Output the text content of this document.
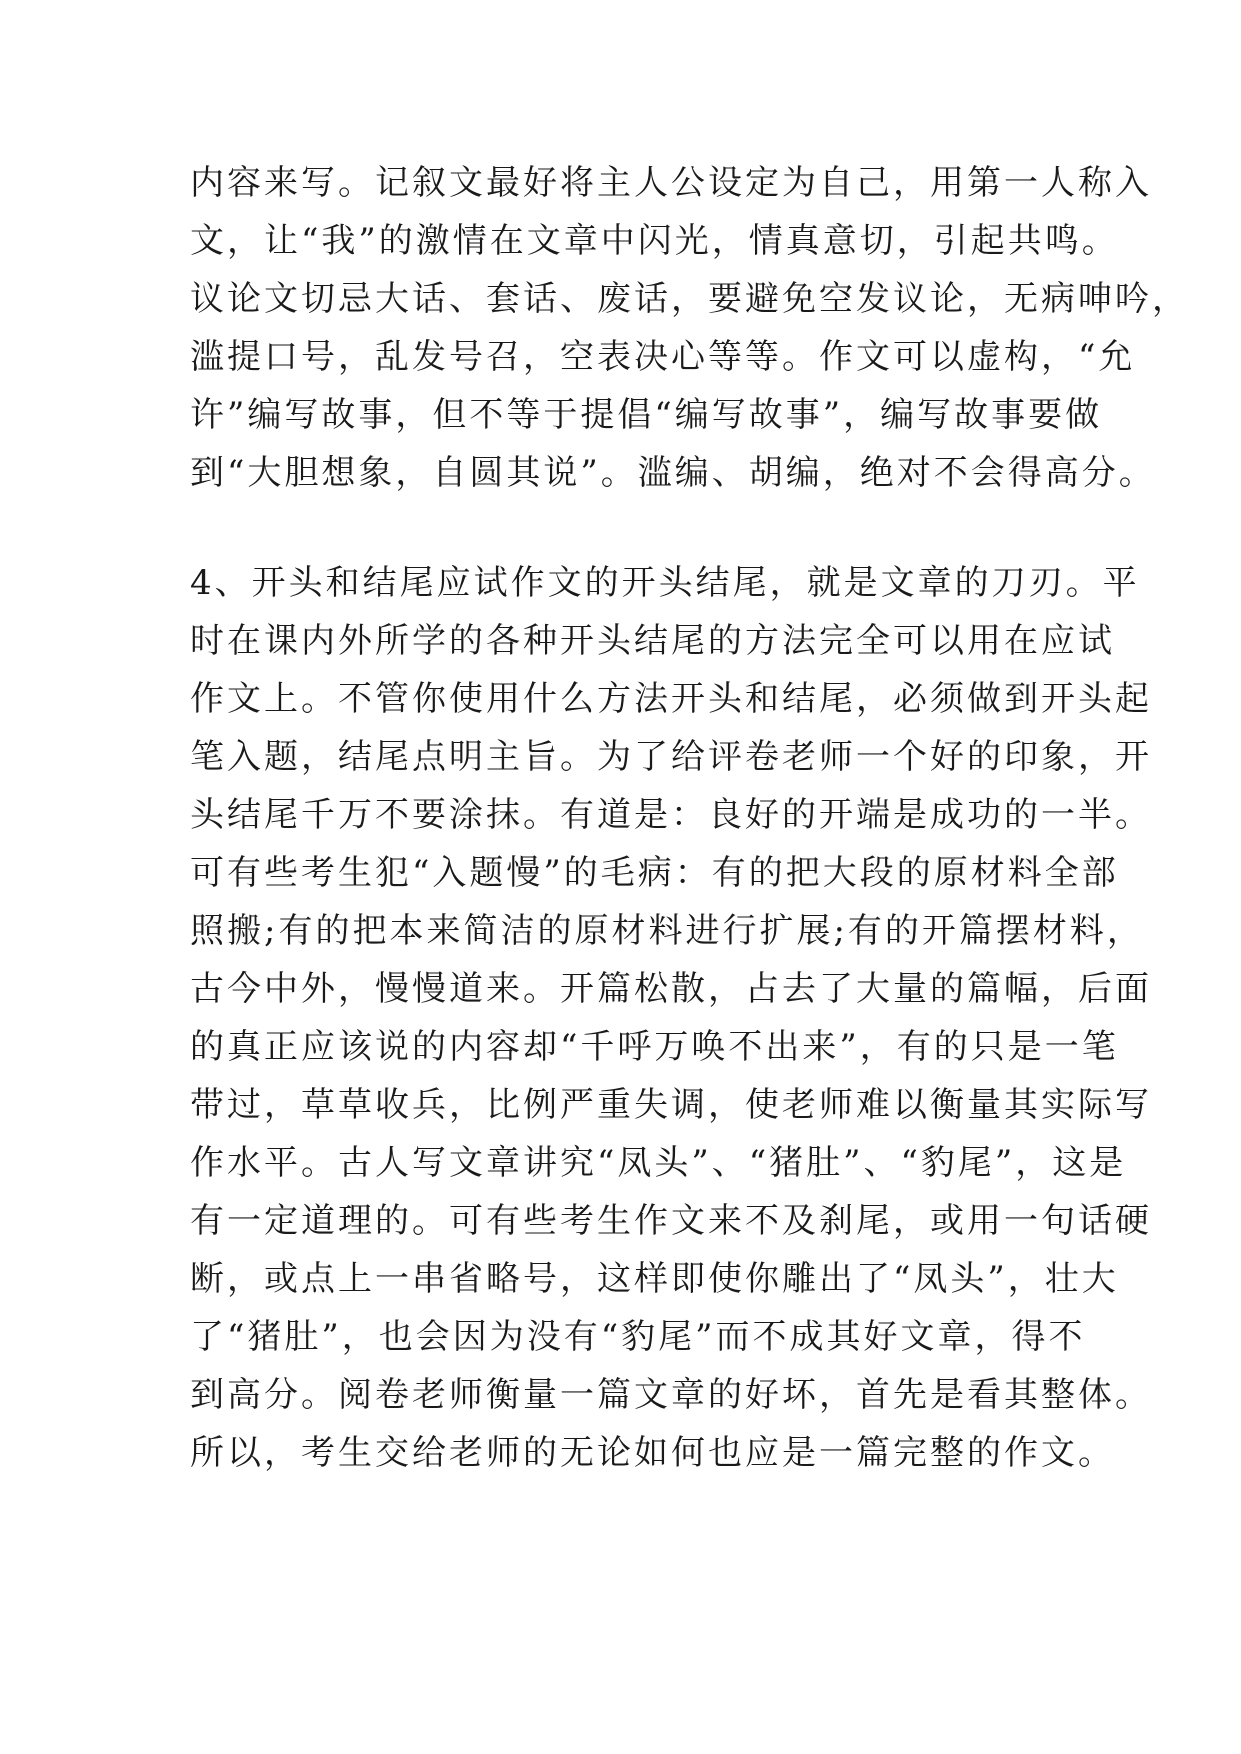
内容来写。记叙文最好将主人公设定为自己，用第一人称入
文，让“我”的激情在文章中闪光，情真意切，引起共鸣。
议论文切忌大话、套话、废话，要避免空发议论，无病呻吟，
滥提口号，乱发号召，空表决心等等。作文可以虚构，“允
许”编写故事，但不等于提倡“编写故事”，编写故事要做
到“大胆想象，自圆其说”。滥编、胡编，绝对不会得高分。
4、开头和结尾应试作文的开头结尾，就是文章的刀刃。平
时在课内外所学的各种开头结尾的方法完全可以用在应试
作文上。不管你使用什么方法开头和结尾，必须做到开头起
笔入题，结尾点明主旨。为了给评卷老师一个好的印象，开
头结尾千万不要涂抹。有道是：良好的开端是成功的一半。
可有些考生犯“入题慢”的毛病：有的把大段的原材料全部
照搬;有的把本来简洁的原材料进行扩展;有的开篇摆材料，
古今中外，慢慢道来。开篇松散，占去了大量的篇幅，后面
的真正应该说的内容却“千呼万唤不出来”，有的只是一笔
带过，草草收兵，比例严重失调，使老师难以衡量其实际写
作水平。古人写文章讲究“凤头”、“猪肚”、“豹尾”，这是
有一定道理的。可有些考生作文来不及刹尾，或用一句话硬
断，或点上一串省略号，这样即使你雕出了“凤头”，壮大
了“猪肚”，也会因为没有“豹尾”而不成其好文章，得不
到高分。阅卷老师衡量一篇文章的好坏，首先是看其整体。
所以，考生交给老师的无论如何也应是一篇完整的作文。
